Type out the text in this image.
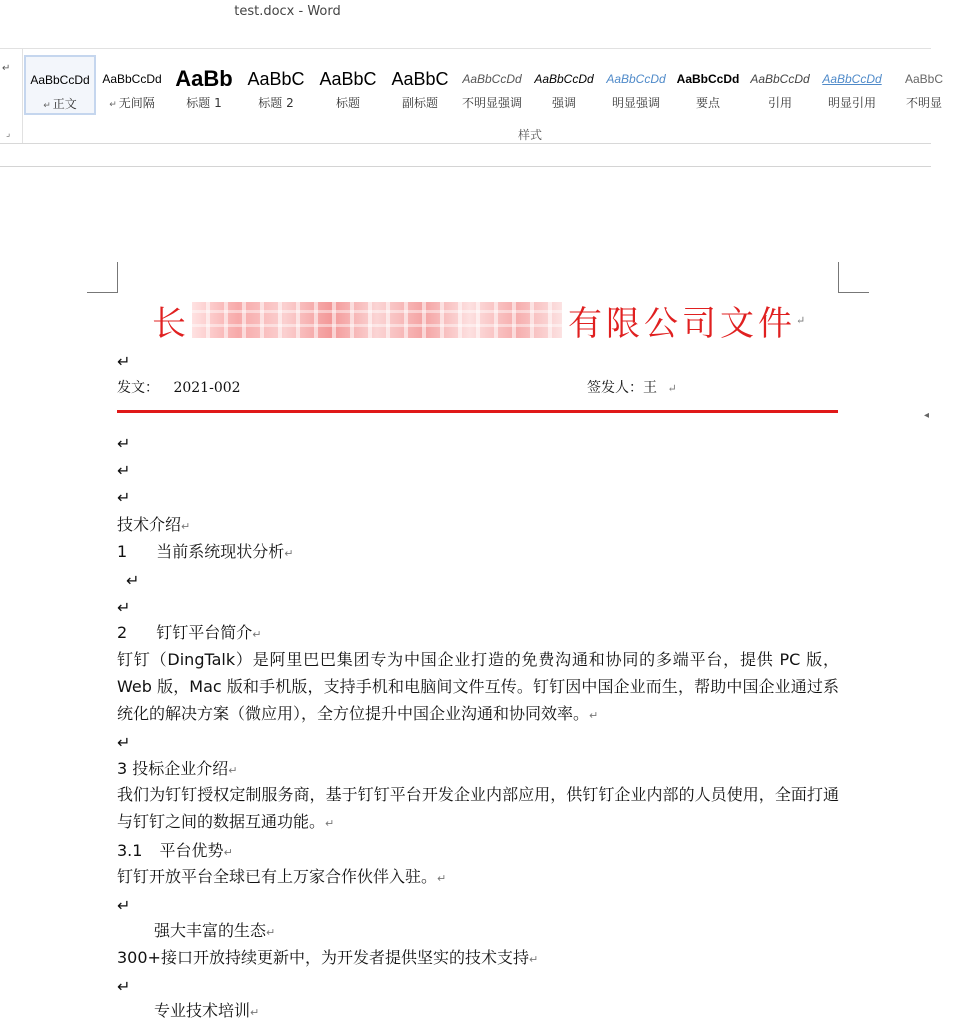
test.docx - Word
↵
⌟
AaBbCcDd
↵ 正文
AaBbCcDd
↵ 无间隔
AaBb
标题 1
AaBbC
标题 2
AaBbC
标题
AaBbC
副标题
AaBbCcDd
不明显强调
AaBbCcDd
强调
AaBbCcDd
明显强调
AaBbCcDd
要点
AaBbCcDd
引用
AaBbCcDd
明显引用
AaBbC
不明显
样式
长	有限公司文件 ↵
↵
发文： 2021-002	签发人：王 ↵
◂
↵
↵
↵
技术介绍↵
1 当前系统现状分析↵
↵
↵
2 钉钉平台简介↵
钉钉（DingTalk）是阿里巴巴集团专为中国企业打造的免费沟通和协同的多端平台，提供 PC 版，Web 版，Mac 版和手机版，支持手机和电脑间文件互传。钉钉因中国企业而生，帮助中国企业通过系统化的解决方案（微应用），全方位提升中国企业沟通和协同效率。↵
↵
3 投标企业介绍↵
我们为钉钉授权定制服务商，基于钉钉平台开发企业内部应用，供钉钉企业内部的人员使用，全面打通与钉钉之间的数据互通功能。↵
3.1 平台优势↵
钉钉开放平台全球已有上万家合作伙伴入驻。↵
↵
强大丰富的生态↵
300+接口开放持续更新中，为开发者提供坚实的技术支持↵
↵
专业技术培训↵
